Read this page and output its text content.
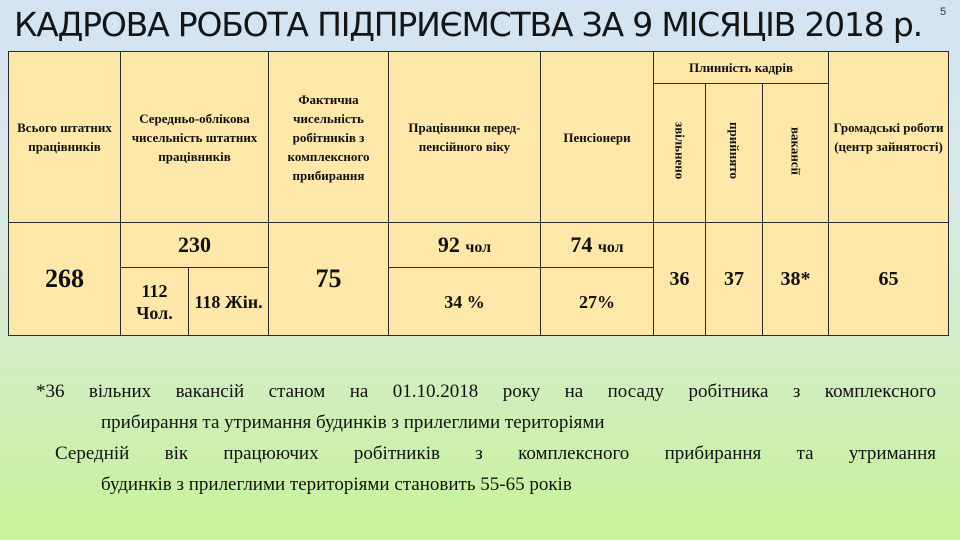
КАДРОВА РОБОТА ПІДПРИЄМСТВА ЗА 9 МІСЯЦІВ 2018 р.	5
Всього штатних працівників	Середньо-облікова чисельність штатних працівників		Фактична чисельність робітників з комплексного прибирання	Працівники перед-пенсійного віку	Пенсіонери	Плинність кадрів			Громадські роботи (центр зайнятості)
						звільнено	прийнято	вакансії	
268	230		75	92 чол	74 чол	36	37	38*	65
	112 Чол.	118 Жін.		34 %	27%				
*36 вільних вакансій станом на 01.10.2018 року на посаду робітника з комплексного
прибирання та утримання будинків з прилеглими територіями
Середній вік працюючих робітників з комплексного прибирання та утримання
будинків з прилеглими територіями становить 55-65 років
